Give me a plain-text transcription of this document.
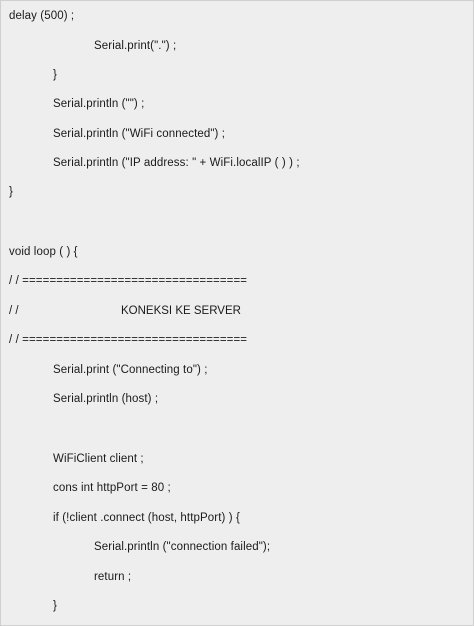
delay (500) ;
Serial.print(".") ;
}
Serial.println ("") ;
Serial.println ("WiFi connected") ;
Serial.println ("IP address: " + WiFi.localIP ( ) ) ;
}
void loop ( ) {
/ / =================================
/ /	KONEKSI KE SERVER
/ / =================================
Serial.print ("Connecting to") ;
Serial.println (host) ;
WiFiClient client ;
cons int httpPort = 80 ;
if (!client .connect (host, httpPort) ) {
Serial.println ("connection failed");
return ;
}
